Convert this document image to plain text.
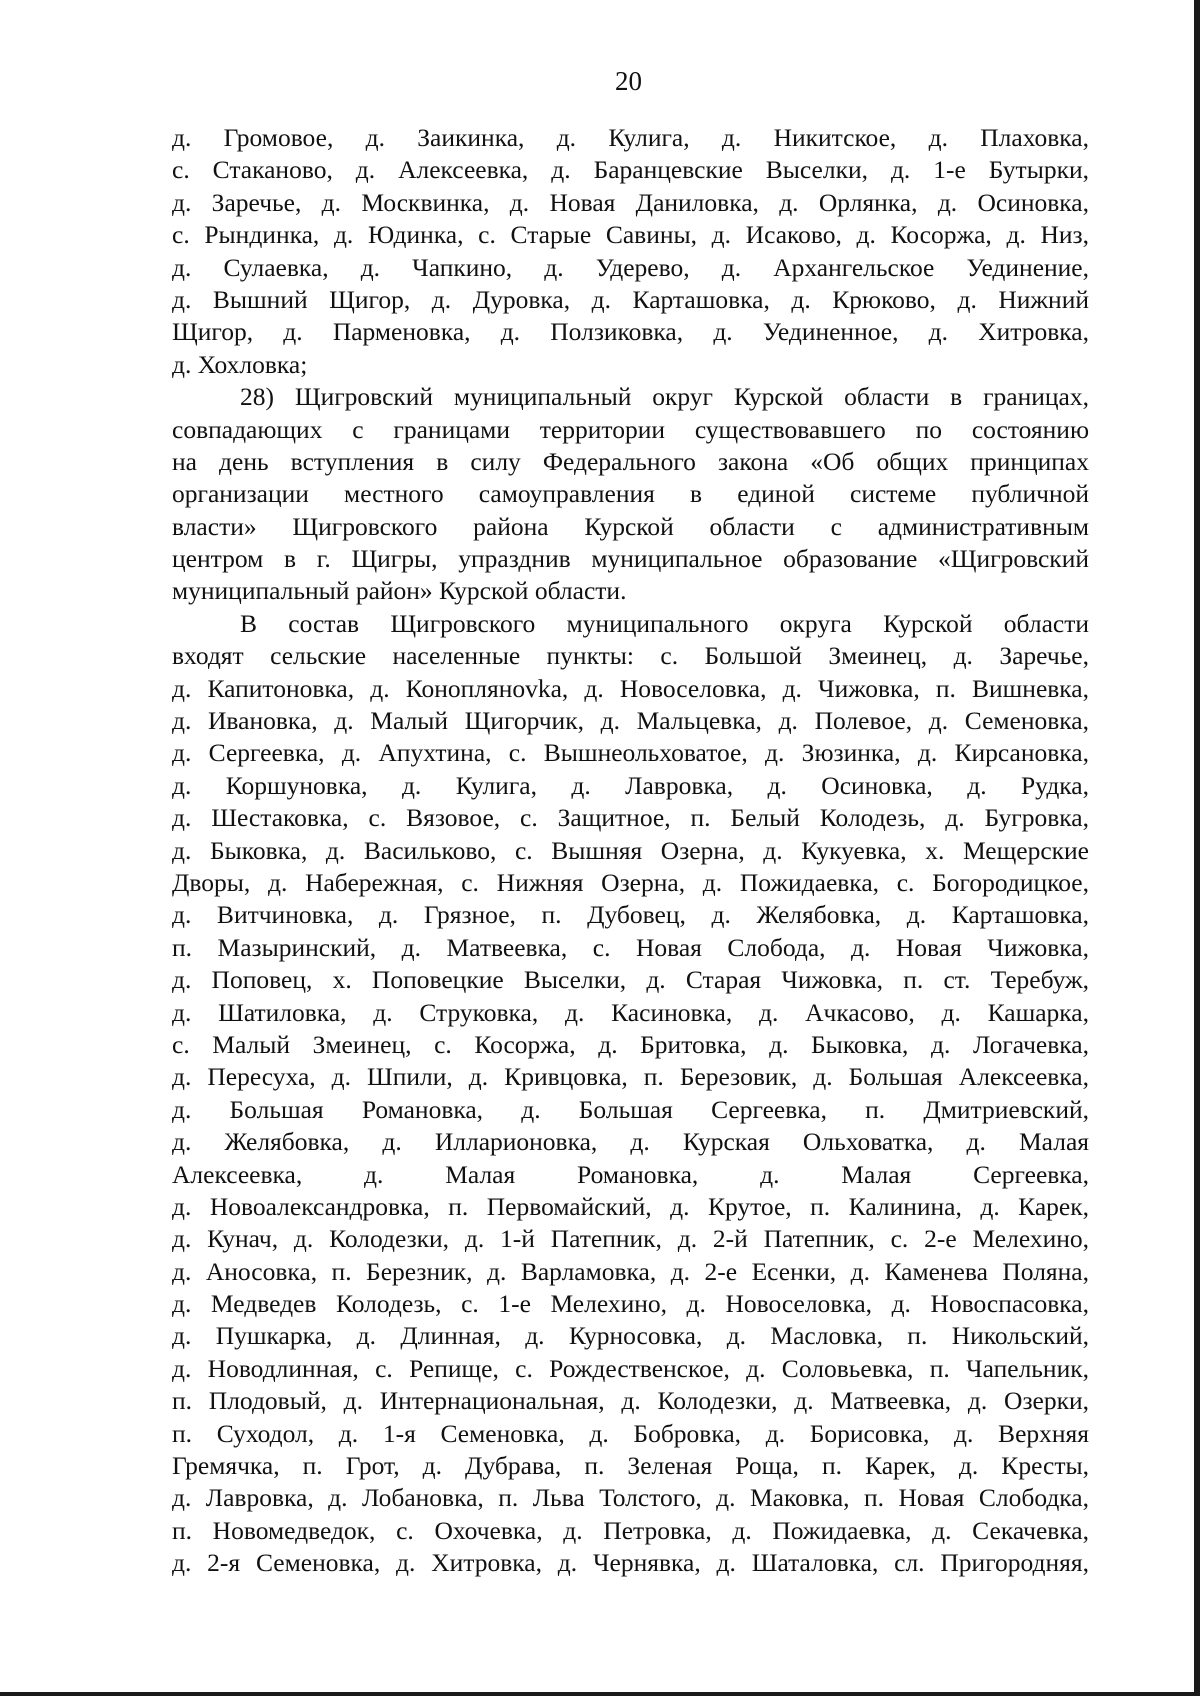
20
д. Громовое, д. Заикинка, д. Кулига, д. Никитское, д. Плаховка,
с. Стаканово, д. Алексеевка, д. Баранцевские Выселки, д. 1-е Бутырки,
д. Заречье, д. Москвинка, д. Новая Даниловка, д. Орлянка, д. Осиновка,
с. Рындинка, д. Юдинка, с. Старые Савины, д. Исаково, д. Косоржа, д. Низ,
д. Сулаевка, д. Чапкино, д. Удерево, д. Архангельское Уединение,
д. Вышний Щигор, д. Дуровка, д. Карташовка, д. Крюково, д. Нижний
Щигор, д. Парменовка, д. Ползиковка, д. Уединенное, д. Хитровка,
д. Хохловка;
28) Щигровский муниципальный округ Курской области в границах,
совпадающих с границами территории существовавшего по состоянию
на день вступления в силу Федерального закона «Об общих принципах
организации местного самоуправления в единой системе публичной
власти» Щигровского района Курской области с административным
центром в г. Щигры, упразднив муниципальное образование «Щигровский
муниципальный район» Курской области.
В состав Щигровского муниципального округа Курской области
входят сельские населенные пункты: с. Большой Змеинец, д. Заречье,
д. Капитоновка, д. Коноплянovka, д. Новоселовка, д. Чижовка, п. Вишневка,
д. Ивановка, д. Малый Щигорчик, д. Мальцевка, д. Полевое, д. Семеновка,
д. Сергеевка, д. Апухтина, с. Вышнеольховатое, д. Зюзинка, д. Кирсановка,
д. Коршуновка, д. Кулига, д. Лавровка, д. Осиновка, д. Рудка,
д. Шестаковка, с. Вязовое, с. Защитное, п. Белый Колодезь, д. Бугровка,
д. Быковка, д. Васильково, с. Вышняя Озерна, д. Кукуевка, х. Мещерские
Дворы, д. Набережная, с. Нижняя Озерна, д. Пожидаевка, с. Богородицкое,
д. Витчиновка, д. Грязное, п. Дубовец, д. Желябовка, д. Карташовка,
п. Мазыринский, д. Матвеевка, с. Новая Слобода, д. Новая Чижовка,
д. Поповец, х. Поповецкие Выселки, д. Старая Чижовка, п. ст. Теребуж,
д. Шатиловка, д. Струковка, д. Касиновка, д. Ачкасово, д. Кашарка,
с. Малый Змеинец, с. Косоржа, д. Бритовка, д. Быковка, д. Логачевка,
д. Пересуха, д. Шпили, д. Кривцовка, п. Березовик, д. Большая Алексеевка,
д. Большая Романовка, д. Большая Сергеевка, п. Дмитриевский,
д. Желябовка, д. Илларионовка, д. Курская Ольховатка, д. Малая
Алексеевка, д. Малая Романовка, д. Малая Сергеевка,
д. Новоалександровка, п. Первомайский, д. Крутое, п. Калинина, д. Карек,
д. Кунач, д. Колодезки, д. 1-й Патепник, д. 2-й Патепник, с. 2-е Мелехино,
д. Аносовка, п. Березник, д. Варламовка, д. 2-е Есенки, д. Каменева Поляна,
д. Медведев Колодезь, с. 1-е Мелехино, д. Новоселовка, д. Новоспасовка,
д. Пушкарка, д. Длинная, д. Курносовка, д. Масловка, п. Никольский,
д. Новодлинная, с. Репище, с. Рождественское, д. Соловьевка, п. Чапельник,
п. Плодовый, д. Интернациональная, д. Колодезки, д. Матвеевка, д. Озерки,
п. Суходол, д. 1-я Семеновка, д. Бобровка, д. Борисовка, д. Верхняя
Гремячка, п. Грот, д. Дубрава, п. Зеленая Роща, п. Карек, д. Кресты,
д. Лавровка, д. Лобановка, п. Льва Толстого, д. Маковка, п. Новая Слободка,
п. Новомедведок, с. Охочевка, д. Петровка, д. Пожидаевка, д. Секачевка,
д. 2-я Семеновка, д. Хитровка, д. Чернявка, д. Шаталовка, сл. Пригородняя,
